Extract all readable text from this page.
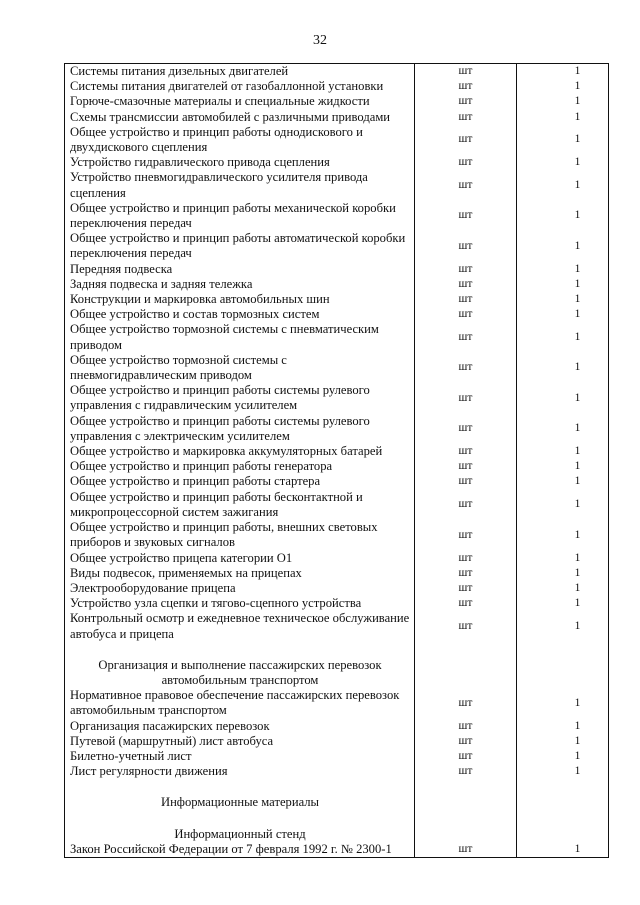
32
Системы питания дизельных двигателей	шт	1
Системы питания двигателей от газобаллонной установки	шт	1
Горюче-смазочные материалы и специальные жидкости	шт	1
Схемы трансмиссии автомобилей с различными приводами	шт	1
Общее устройство и принцип работы однодискового и двухдискового сцепления	шт	1
Устройство гидравлического привода сцепления	шт	1
Устройство пневмогидравлического усилителя привода сцепления	шт	1
Общее устройство и принцип работы механической коробки переключения передач	шт	1
Общее устройство и принцип работы автоматической коробки переключения передач	шт	1
Передняя подвеска	шт	1
Задняя подвеска и задняя тележка	шт	1
Конструкции и маркировка автомобильных шин	шт	1
Общее устройство и состав тормозных систем	шт	1
Общее устройство тормозной системы с пневматическим приводом	шт	1
Общее устройство тормозной системы с пневмогидравлическим приводом	шт	1
Общее устройство и принцип работы системы рулевого управления с гидравлическим усилителем	шт	1
Общее устройство и принцип работы системы рулевого управления с электрическим усилителем	шт	1
Общее устройство и маркировка аккумуляторных батарей	шт	1
Общее устройство и принцип работы генератора	шт	1
Общее устройство и принцип работы стартера	шт	1
Общее устройство и принцип работы бесконтактной и микропроцессорной систем зажигания	шт	1
Общее устройство и принцип работы, внешних световых приборов и звуковых сигналов	шт	1
Общее устройство прицепа категории О1	шт	1
Виды подвесок, применяемых на прицепах	шт	1
Электрооборудование прицепа	шт	1
Устройство узла сцепки и тягово-сцепного устройства	шт	1
Контрольный осмотр и ежедневное техническое обслуживание автобуса и прицепа	шт	1

Организация и выполнение пассажирских перевозок автомобильным транспортом		
Нормативное правовое обеспечение пассажирских перевозок автомобильным транспортом	шт	1
Организация пасажирских перевозок	шт	1
Путевой (маршрутный) лист автобуса	шт	1
Билетно-учетный лист	шт	1
Лист регулярности движения	шт	1

Информационные материалы		

Информационный стенд		
Закон Российской Федерации от 7 февраля 1992 г. № 2300-1	шт	1
